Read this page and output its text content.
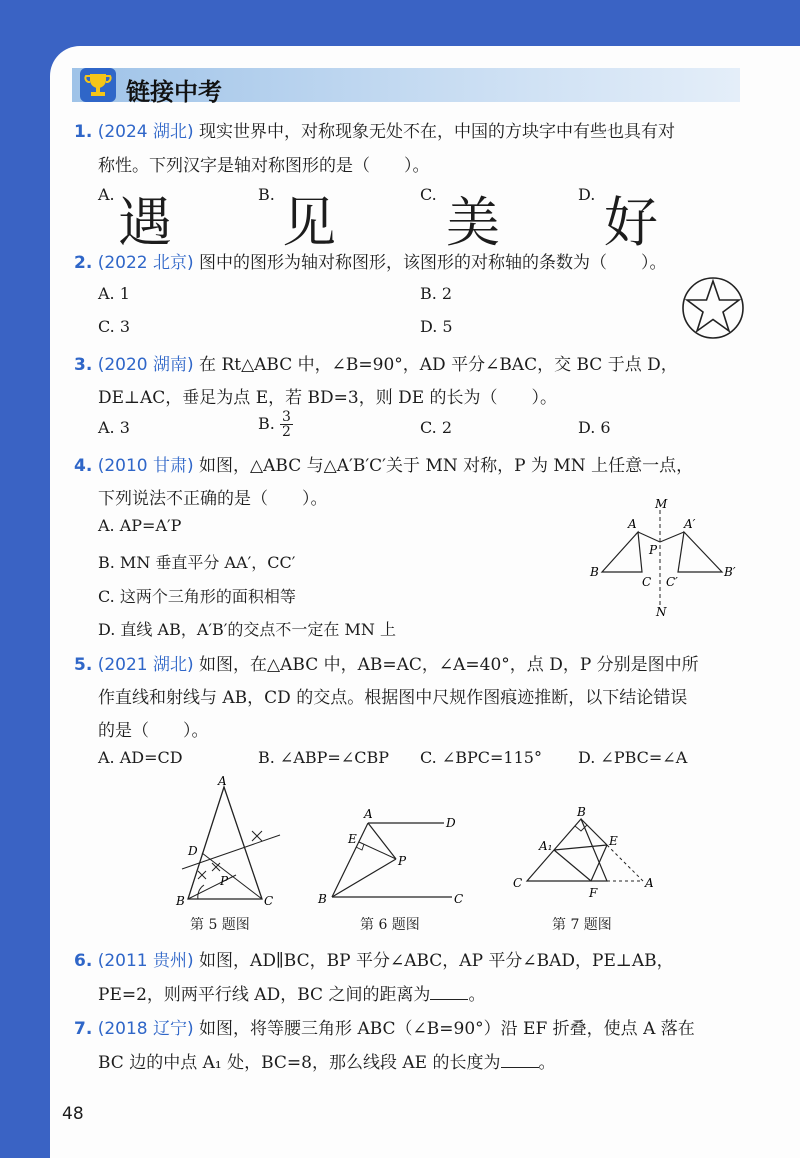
链接中考
1. (2024 湖北) 现实世界中，对称现象无处不在，中国的方块字中有些也具有对
称性。下列汉字是轴对称图形的是（　　）。
A. 遇	B. 见	C. 美	D. 好
2. (2022 北京) 图中的图形为轴对称图形，该图形的对称轴的条数为（　　）。
A. 1	B. 2
C. 3	D. 5
3. (2020 湖南) 在 Rt△ABC 中，∠B=90°，AD 平分∠BAC，交 BC 于点 D，
DE⊥AC，垂足为点 E，若 BD=3，则 DE 的长为（　　）。
A. 3	B. $\frac{3}{2}$	C. 2	D. 6
4. (2010 甘肃) 如图，△ABC 与△A′B′C′关于 MN 对称，P 为 MN 上任意一点，
下列说法不正确的是（　　）。
A. AP=A′P
B. MN 垂直平分 AA′，CC′
C. 这两个三角形的面积相等
D. 直线 AB，A′B′的交点不一定在 MN 上
M
N
A	A′
B	B′
C C′
P
5. (2021 湖北) 如图，在△ABC 中，AB=AC，∠A=40°，点 D，P 分别是图中所
作直线和射线与 AB，CD 的交点。根据图中尺规作图痕迹推断，以下结论错误
的是（　　）。
A. AD=CD	B. ∠ABP=∠CBP C. ∠BPC=115° D. ∠PBC=∠A
A
B	C
D
P
第 5 题图
A
D
E
P
B	C
第 6 题图
B
A₁	E
C
F
A
第 7 题图
6. (2011 贵州) 如图，AD∥BC，BP 平分∠ABC，AP 平分∠BAD，PE⊥AB，
PE=2，则两平行线 AD，BC 之间的距离为 。
7. (2018 辽宁) 如图，将等腰三角形 ABC（∠B=90°）沿 EF 折叠，使点 A 落在
BC 边的中点 A₁ 处，BC=8，那么线段 AE 的长度为 。
48
